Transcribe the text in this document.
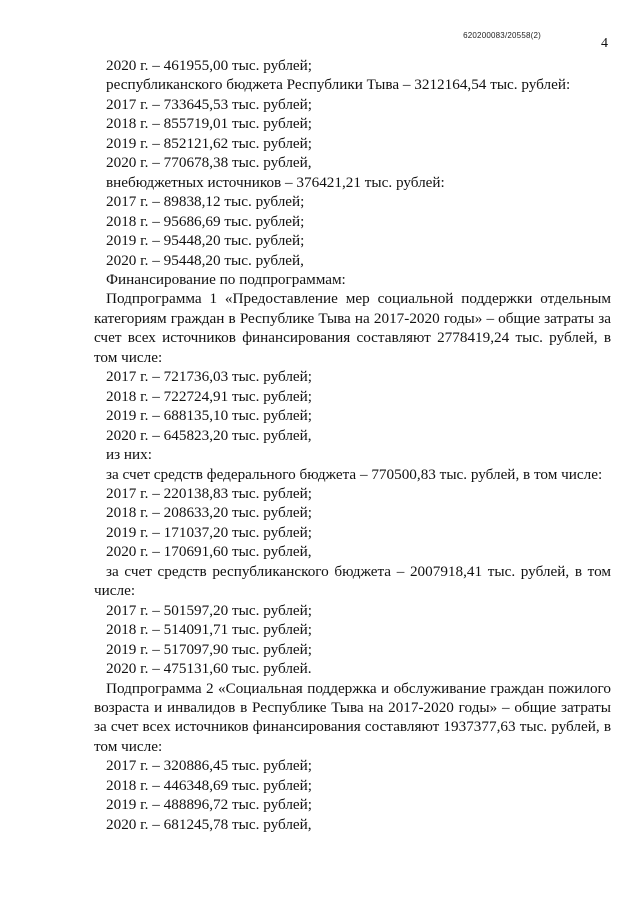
620200083/20558(2)
4
2020 г. – 461955,00 тыс. рублей;
республиканского бюджета Республики Тыва – 3212164,54 тыс. рублей:
2017 г. – 733645,53 тыс. рублей;
2018 г. – 855719,01 тыс. рублей;
2019 г. – 852121,62 тыс. рублей;
2020 г. – 770678,38 тыс. рублей,
внебюджетных источников – 376421,21 тыс. рублей:
2017 г. – 89838,12 тыс. рублей;
2018 г. – 95686,69 тыс. рублей;
2019 г. – 95448,20 тыс. рублей;
2020 г. – 95448,20 тыс. рублей,
Финансирование по подпрограммам:
Подпрограмма 1 «Предоставление мер социальной поддержки отдельным категориям граждан в Республике Тыва на 2017-2020 годы» – общие затраты за счет всех источников финансирования составляют 2778419,24 тыс. рублей, в том числе:
2017 г. – 721736,03 тыс. рублей;
2018 г. – 722724,91 тыс. рублей;
2019 г. – 688135,10 тыс. рублей;
2020 г. – 645823,20 тыс. рублей,
из них:
за счет средств федерального бюджета – 770500,83 тыс. рублей, в том числе:
2017 г. – 220138,83 тыс. рублей;
2018 г. – 208633,20 тыс. рублей;
2019 г. – 171037,20 тыс. рублей;
2020 г. – 170691,60 тыс. рублей,
за счет средств республиканского бюджета – 2007918,41 тыс. рублей, в том числе:
2017 г. – 501597,20 тыс. рублей;
2018 г. – 514091,71 тыс. рублей;
2019 г. – 517097,90 тыс. рублей;
2020 г. – 475131,60 тыс. рублей.
Подпрограмма 2 «Социальная поддержка и обслуживание граждан пожилого возраста и инвалидов в Республике Тыва на 2017-2020 годы» – общие затраты за счет всех источников финансирования составляют 1937377,63 тыс. рублей, в том числе:
2017 г. – 320886,45 тыс. рублей;
2018 г. – 446348,69 тыс. рублей;
2019 г. – 488896,72 тыс. рублей;
2020 г. – 681245,78 тыс. рублей,
